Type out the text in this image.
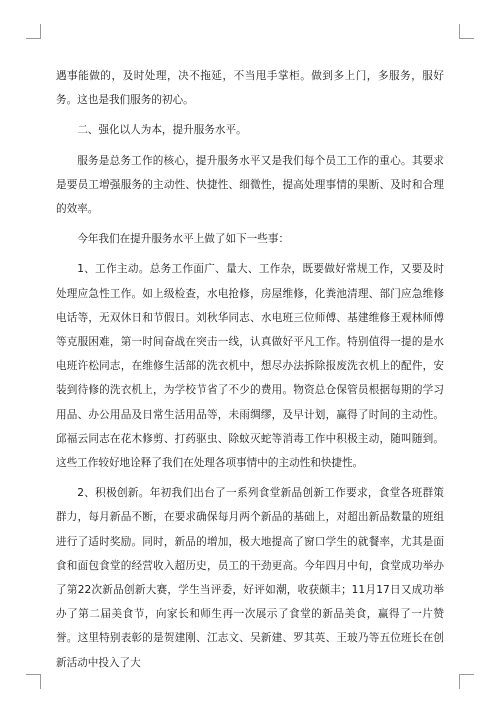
遇事能做的，及时处理，决不拖延，不当甩手掌柜。做到多上门，多服务，服好务。这也是我们服务的初心。

二、强化以人为本，提升服务水平。

服务是总务工作的核心，提升服务水平又是我们每个员工工作的重心。其要求是要员工增强服务的主动性、快捷性、细微性，提高处理事情的果断、及时和合理的效率。

今年我们在提升服务水平上做了如下一些事：

1、工作主动。总务工作面广、量大、工作杂，既要做好常规工作，又要及时处理应急性工作。如上级检查，水电抢修，房屋维修，化粪池清理、部门应急维修电话等，无双休日和节假日。刘秋华同志、水电班三位师傅、基建维修王观林师傅等克服困难，第一时间奋战在突击一线，认真做好平凡工作。特别值得一提的是水电班许松同志，在维修生活部的洗衣机中，想尽办法拆除报废洗衣机上的配件，安装到待修的洗衣机上，为学校节省了不少的费用。物资总仓保管员根据每期的学习用品、办公用品及日常生活用品等，未雨绸缪，及早计划，赢得了时间的主动性。邱福云同志在花木修剪、打药驱虫、除蚊灭蛇等消毒工作中积极主动，随叫随到。这些工作较好地诠释了我们在处理各项事情中的主动性和快捷性。

2、积极创新。年初我们出台了一系列食堂新品创新工作要求，食堂各班群策群力，每月新品不断，在要求确保每月两个新品的基础上，对超出新品数量的班组进行了适时奖励。同时，新品的增加，极大地提高了窗口学生的就餐率，尤其是面食和面包食堂的经营收入超历史，员工的干劲更高。今年四月中旬，食堂成功举办了第22次新品创新大赛，学生当评委，好评如潮，收获颇丰；11月17日又成功举办了第二届美食节，向家长和师生再一次展示了食堂的新品美食，赢得了一片赞誉。这里特别表彰的是贺建刚、江志文、吴新建、罗其英、王玻乃等五位班长在创新活动中投入了大
